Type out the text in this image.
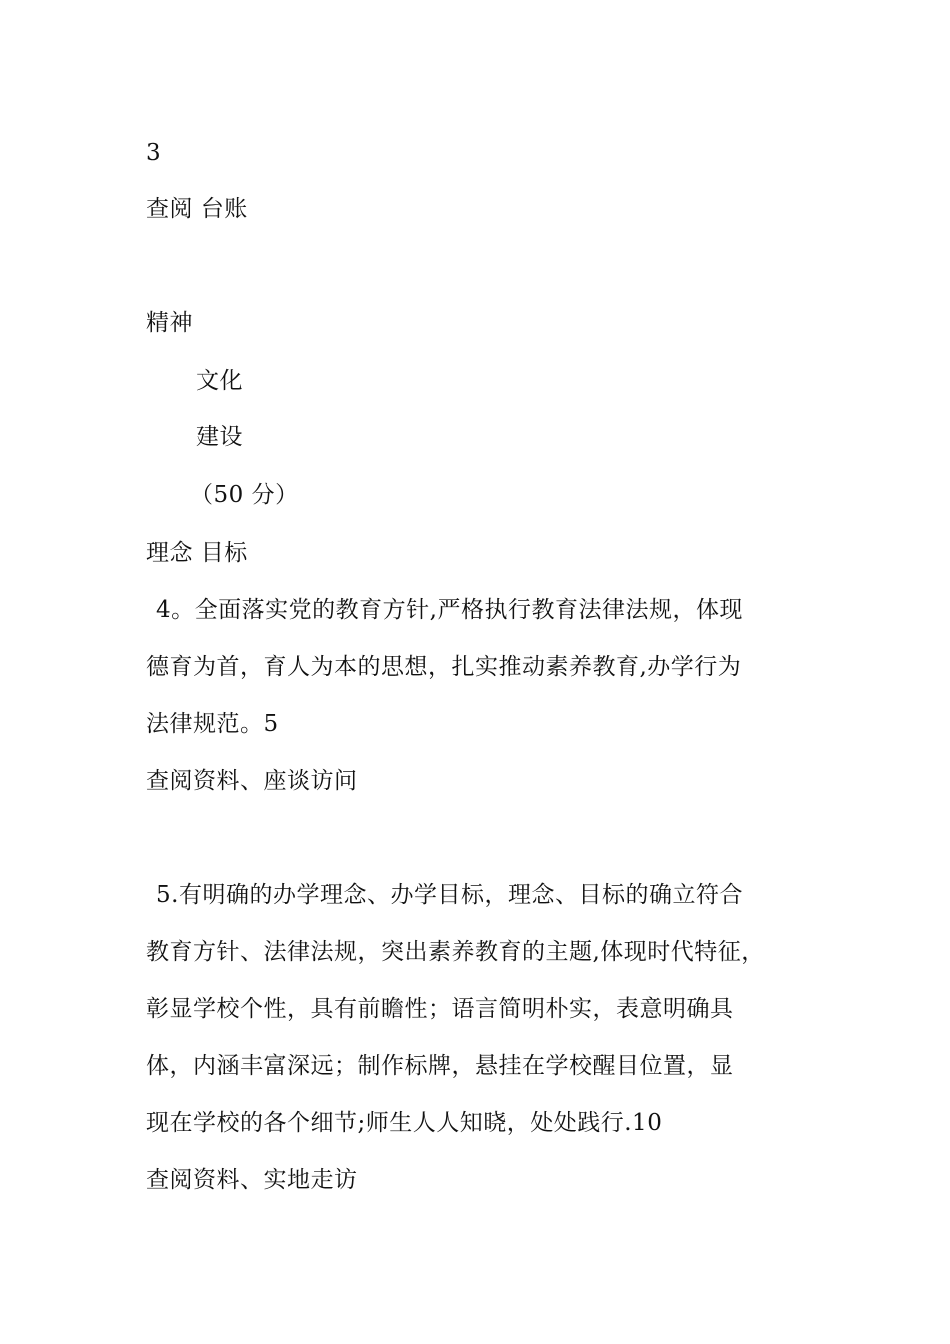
3
查阅 台账
精神
文化
建设
（50 分）
理念 目标
4。全面落实党的教育方针,严格执行教育法律法规，体现
德育为首，育人为本的思想，扎实推动素养教育,办学行为
法律规范。5
查阅资料、座谈访问
5.有明确的办学理念、办学目标，理念、目标的确立符合
教育方针、法律法规，突出素养教育的主题,体现时代特征，
彰显学校个性，具有前瞻性；语言简明朴实，表意明确具
体，内涵丰富深远；制作标牌，悬挂在学校醒目位置，显
现在学校的各个细节;师生人人知晓，处处践行.10
查阅资料、实地走访
